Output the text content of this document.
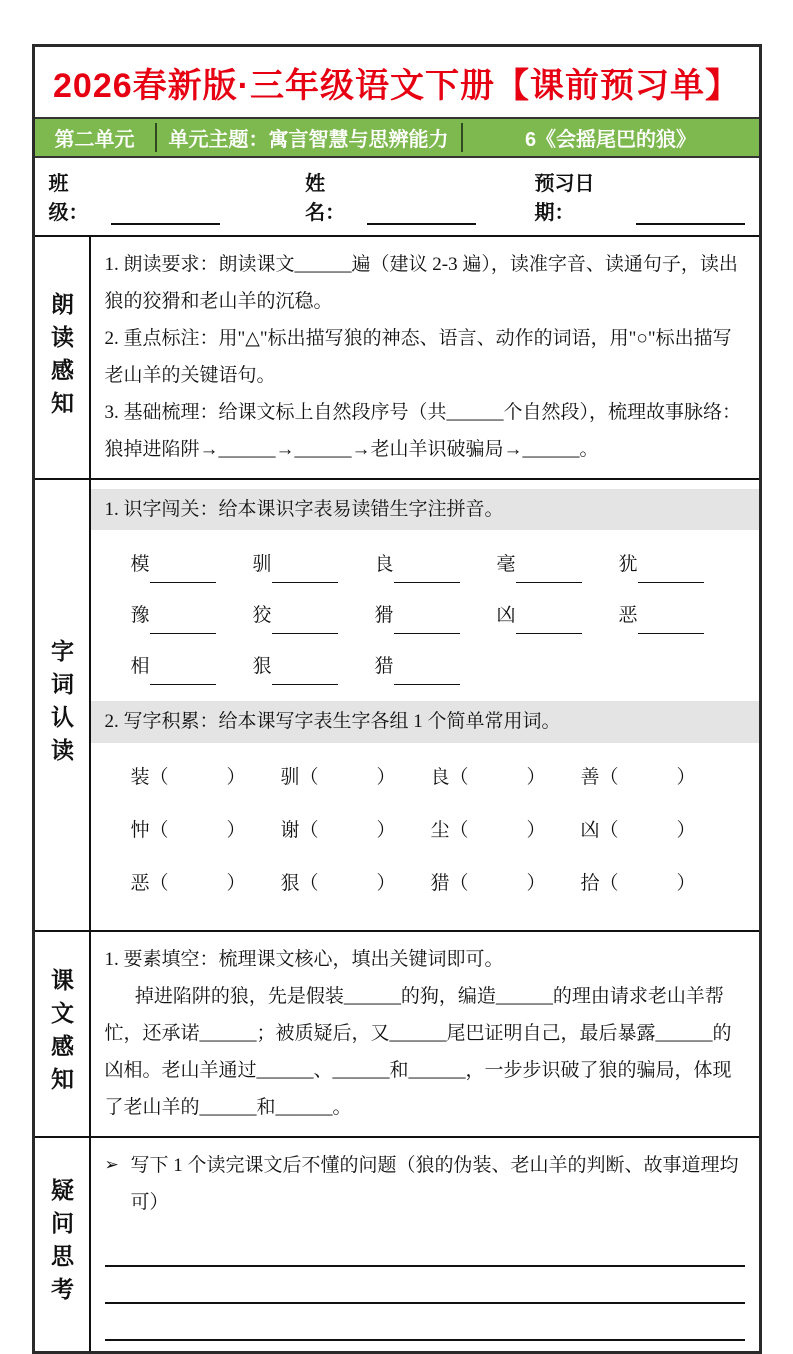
2026春新版·三年级语文下册【课前预习单】
第二单元	单元主题：寓言智慧与思辨能力	6《会摇尾巴的狼》
班级：
姓名：
预习日期：
朗读感知

1. 朗读要求：朗读课文______遍（建议 2-3 遍），读准字音、读通句子，读出狼的狡猾和老山羊的沉稳。

2. 重点标注：用"△"标出描写狼的神态、语言、动作的词语，用"○"标出描写老山羊的关键语句。

3. 基础梳理：给课文标上自然段序号（共______个自然段），梳理故事脉络：狼掉进陷阱→______→______→老山羊识破骗局→______。

字词认读
1. 识字闯关：给本课识字表易读错生字注拼音。
模	驯	良	毫	犹
豫	狡	猾	凶	恶
相	狠	猎
2. 写字积累：给本课写字表生字各组 1 个简单常用词。
装（	）	驯（	）	良（	）	善（	）
忡（	）	谢（	）	尘（	）	凶（	）
恶（	）	狠（	）	猎（	）	拾（	）
课文感知

1. 要素填空：梳理课文核心，填出关键词即可。

掉进陷阱的狼，先是假装______的狗，编造______的理由请求老山羊帮忙，还承诺______；被质疑后，又______尾巴证明自己，最后暴露______的凶相。老山羊通过______、______和______，一步步识破了狼的骗局，体现了老山羊的______和______。

疑问思考
➢ 写下 1 个读完课文后不懂的问题（狼的伪装、老山羊的判断、故事道理均可）
